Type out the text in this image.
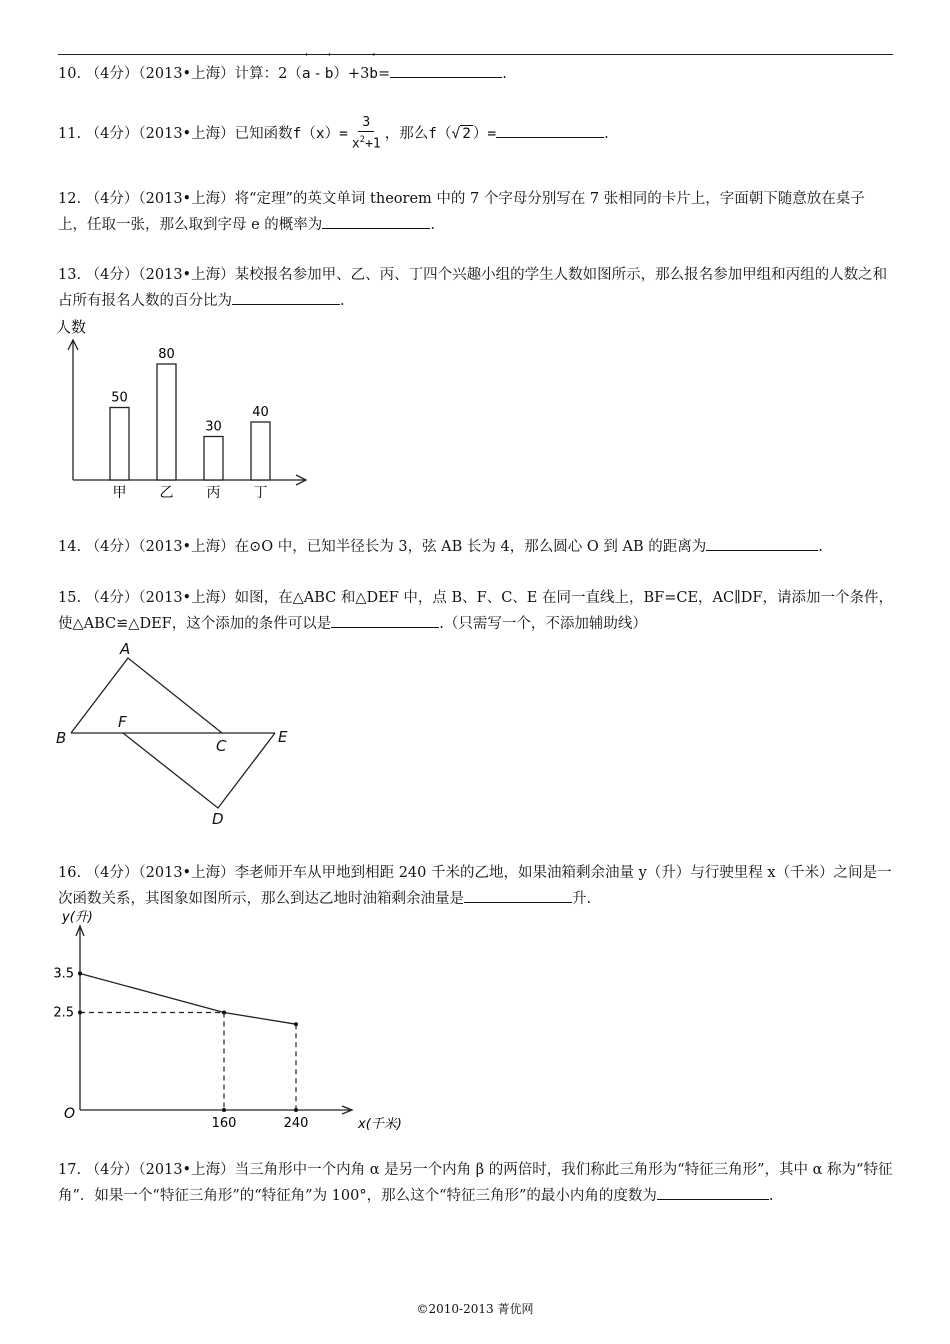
10. （4分）（2013•上海）计算：2（
→
a -
→
b）+3
→
b=	.

11. （4分）（2013•上海）已知函数$f(x)= \frac{3}{x^2+1}$ ，那么f（√ 2 ）=	.

12. （4分）（2013•上海）将“定理”的英文单词 theorem 中的 7 个字母分别写在 7 张相同的卡片上，字面朝下随意放在桌子上，任取一张，那么取到字母 e 的概率为	.

13. （4分）（2013•上海）某校报名参加甲、乙、丙、丁四个兴趣小组的学生人数如图所示，那么报名参加甲组和丙组的人数之和占所有报名人数的百分比为	.

人数
50
甲
80
乙
30
丙
40
丁

14. （4分）（2013•上海）在⊙O 中，已知半径长为 3，弦 AB 长为 4，那么圆心 O 到 AB 的距离为	.

15. （4分）（2013•上海）如图，在△ABC 和△DEF 中，点 B、F、C、E 在同一直线上，BF=CE，AC∥DF，请添加一个条件，使△ABC≌△DEF，这个添加的条件可以是	.（只需写一个，不添加辅助线）

A
B
F
C	E
D

16. （4分）（2013•上海）李老师开车从甲地到相距 240 千米的乙地，如果油箱剩余油量 y（升）与行驶里程 x（千米）之间是一次函数关系，其图象如图所示，那么到达乙地时油箱剩余油量是	升.

y(升)
x(千米)
O
2.5
3.5
160	240

17. （4分）（2013•上海）当三角形中一个内角 α 是另一个内角 β 的两倍时，我们称此三角形为“特征三角形”，其中 α 称为“特征角”．如果一个“特征三角形”的“特征角”为 100°，那么这个“特征三角形”的最小内角的度数为	.

©2010-2013 菁优网
